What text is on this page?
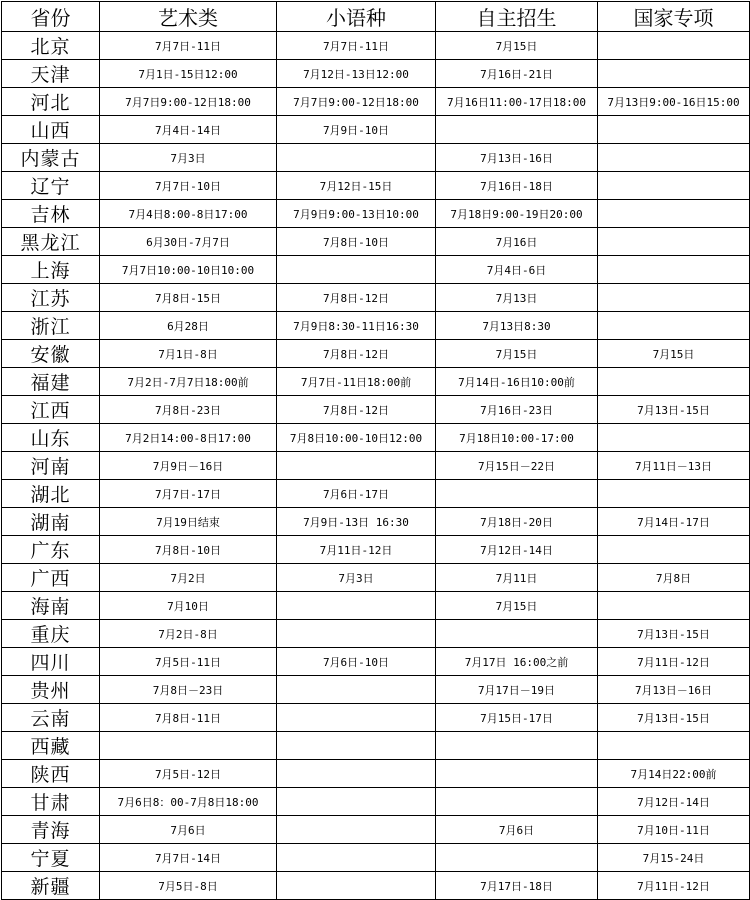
省份	艺术类	小语种	自主招生	国家专项
北京	7月7日-11日	7月7日-11日	7月15日	
天津	7月1日-15日12:00	7月12日-13日12:00	7月16日-21日	
河北	7月7日9:00-12日18:00	7月7日9:00-12日18:00	7月16日11:00-17日18:00	7月13日9:00-16日15:00
山西	7月4日-14日	7月9日-10日		
内蒙古	7月3日		7月13日-16日	
辽宁	7月7日-10日	7月12日-15日	7月16日-18日	
吉林	7月4日8:00-8日17:00	7月9日9:00-13日10:00	7月18日9:00-19日20:00	
黑龙江	6月30日-7月7日	7月8日-10日	7月16日	
上海	7月7日10:00-10日10:00		7月4日-6日	
江苏	7月8日-15日	7月8日-12日	7月13日	
浙江	6月28日	7月9日8:30-11日16:30	7月13日8:30	
安徽	7月1日-8日	7月8日-12日	7月15日	7月15日
福建	7月2日-7月7日18:00前	7月7日-11日18:00前	7月14日-16日10:00前	
江西	7月8日-23日	7月8日-12日	7月16日-23日	7月13日-15日
山东	7月2日14:00-8日17:00	7月8日10:00-10日12:00	7月18日10:00-17:00	
河南	7月9日－16日		7月15日－22日	7月11日－13日
湖北	7月7日-17日	7月6日-17日		
湖南	7月19日结束	7月9日-13日 16:30	7月18日-20日	7月14日-17日
广东	7月8日-10日	7月11日-12日	7月12日-14日	
广西	7月2日	7月3日	7月11日	7月8日
海南	7月10日		7月15日	
重庆	7月2日-8日			7月13日-15日
四川	7月5日-11日	7月6日-10日	7月17日 16:00之前	7月11日-12日
贵州	7月8日－23日		7月17日－19日	7月13日－16日
云南	7月8日-11日		7月15日-17日	7月13日-15日
西藏				
陕西	7月5日-12日			7月14日22:00前
甘肃	7月6日8：00-7月8日18:00			7月12日-14日
青海	7月6日		7月6日	7月10日-11日
宁夏	7月7日-14日			7月15-24日
新疆	7月5日-8日		7月17日-18日	7月11日-12日
